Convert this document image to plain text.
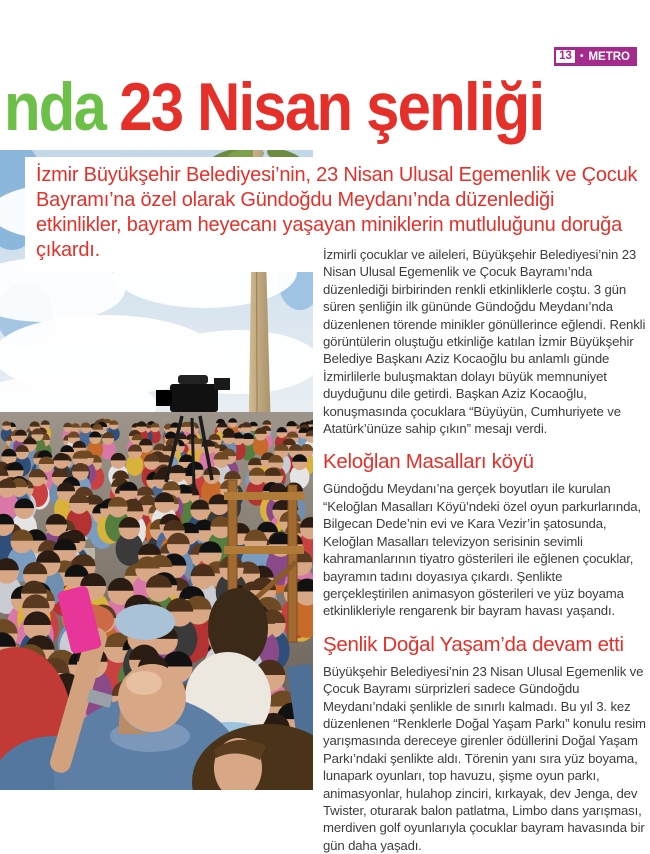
13 • METRO
nda 23 Nisan şenliği

İzmir Büyükşehir Belediyesi’nin, 23 Nisan Ulusal Egemenlik ve Çocuk Bayramı’na özel olarak Gündoğdu Meydanı’nda düzenlediği etkinlikler, bayram heyecanı yaşayan miniklerin mutluluğunu doruğa çıkardı.	İzmirli çocuklar ve aileleri, Büyükşehir Belediyesi’nin 23 Nisan Ulusal Egemenlik ve Çocuk Bayramı’nda düzenlediği birbirinden renkli etkinliklerle coştu. 3 gün süren şenliğin ilk gününde Gündoğdu Meydanı’nda düzenlenen törende minikler gönüllerince eğlendi. Renkli görüntülerin oluştuğu etkinliğe katılan İzmir Büyükşehir Belediye Başkanı Aziz Kocaoğlu bu anlamlı günde İzmirlilerle buluşmaktan dolayı büyük memnuniyet duyduğunu dile getirdi. Başkan Aziz Kocaoğlu, konuşmasında çocuklara “Büyüyün, Cumhuriyete ve Atatürk’ünüze sahip çıkın” mesajı verdi.

Keloğlan Masalları köyü

Gündoğdu Meydanı’na gerçek boyutları ile kurulan “Keloğlan Masalları Köyü’ndeki özel oyun parkurlarında, Bilgecan Dede’nin evi ve Kara Vezir’in şatosunda, Keloğlan Masalları televizyon serisinin sevimli kahramanlarının tiyatro gösterileri ile eğlenen çocuklar, bayramın tadını doyasıya çıkardı. Şenlikte gerçekleştirilen animasyon gösterileri ve yüz boyama etkinlikleriyle rengarenk bir bayram havası yaşandı.

Şenlik Doğal Yaşam’da devam etti

Büyükşehir Belediyesi’nin 23 Nisan Ulusal Egemenlik ve Çocuk Bayramı sürprizleri sadece Gündoğdu Meydanı’ndaki şenlikle de sınırlı kalmadı. Bu yıl 3. kez düzenlenen “Renklerle Doğal Yaşam Parkı” konulu resim yarışmasında dereceye girenler ödüllerini Doğal Yaşam Parkı’ndaki şenlikte aldı. Törenin yanı sıra yüz boyama, lunapark oyunları, top havuzu, şişme oyun parkı, animasyonlar, hulahop zinciri, kırkayak, dev Jenga, dev Twister, oturarak balon patlatma, Limbo dans yarışması, merdiven golf oyunlarıyla çocuklar bayram havasında bir gün daha yaşadı.
